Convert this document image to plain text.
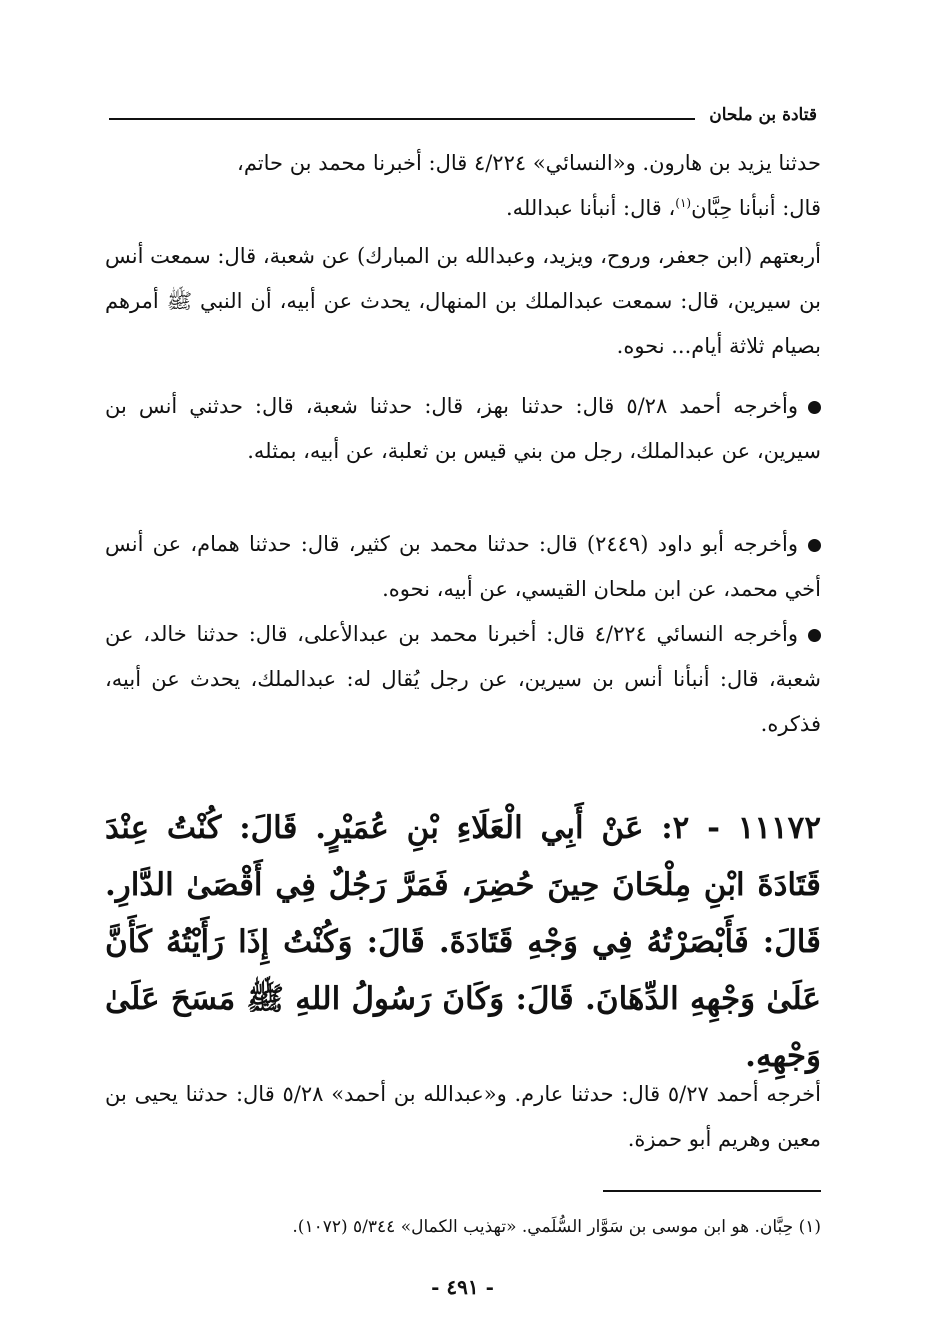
قتادة بن ملحان

حدثنا يزيد بن هارون. و«النسائي» ٤/٢٢٤ قال: أخبرنا محمد بن حاتم،

قال: أنبأنا حِبَّان$^{(١)}$، قال: أنبأنا عبدالله.

أربعتهم (ابن جعفر، وروح، ويزيد، وعبدالله بن المبارك) عن شعبة، قال: سمعت أنس بن سيرين، قال: سمعت عبدالملك بن المنهال، يحدث عن أبيه، أن النبي ﷺ أمرهم بصيام ثلاثة أيام... نحوه.

وأخرجه أحمد ٥/٢٨ قال: حدثنا بهز، قال: حدثنا شعبة، قال: حدثني أنس بن سيرين، عن عبدالملك، رجل من بني قيس بن ثعلبة، عن أبيه، بمثله.

وأخرجه أبو داود (٢٤٤٩) قال: حدثنا محمد بن كثير، قال: حدثنا همام، عن أنس أخي محمد، عن ابن ملحان القيسي، عن أبيه، نحوه.

وأخرجه النسائي ٤/٢٢٤ قال: أخبرنا محمد بن عبدالأعلى، قال: حدثنا خالد، عن شعبة، قال: أنبأنا أنس بن سيرين، عن رجل يُقال له: عبدالملك، يحدث عن أبيه، فذكره.

١١١٧٢ - ٢: عَنْ أَبِي الْعَلَاءِ بْنِ عُمَيْرٍ. قَالَ: كُنْتُ عِنْدَ قَتَادَةَ ابْنِ مِلْحَانَ حِينَ حُضِرَ، فَمَرَّ رَجُلٌ فِي أَقْصَىٰ الدَّارِ. قَالَ: فَأَبْصَرْتُهُ فِي وَجْهِ قَتَادَةَ. قَالَ: وَكُنْتُ إِذَا رَأَيْتُهُ كَأَنَّ عَلَىٰ وَجْهِهِ الدِّهَانَ. قَالَ: وَكَانَ رَسُولُ اللهِ ﷺ مَسَحَ عَلَىٰ وَجْهِهِ.

أخرجه أحمد ٥/٢٧ قال: حدثنا عارم. و«عبدالله بن أحمد» ٥/٢٨ قال: حدثنا يحيى بن معين وهريم أبو حمزة.

(١) حِبَّان. هو ابن موسى بن سَوَّار السُّلَمي. «تهذيب الكمال» ٥/٣٤٤ (١٠٧٢).
- ٤٩١ -
